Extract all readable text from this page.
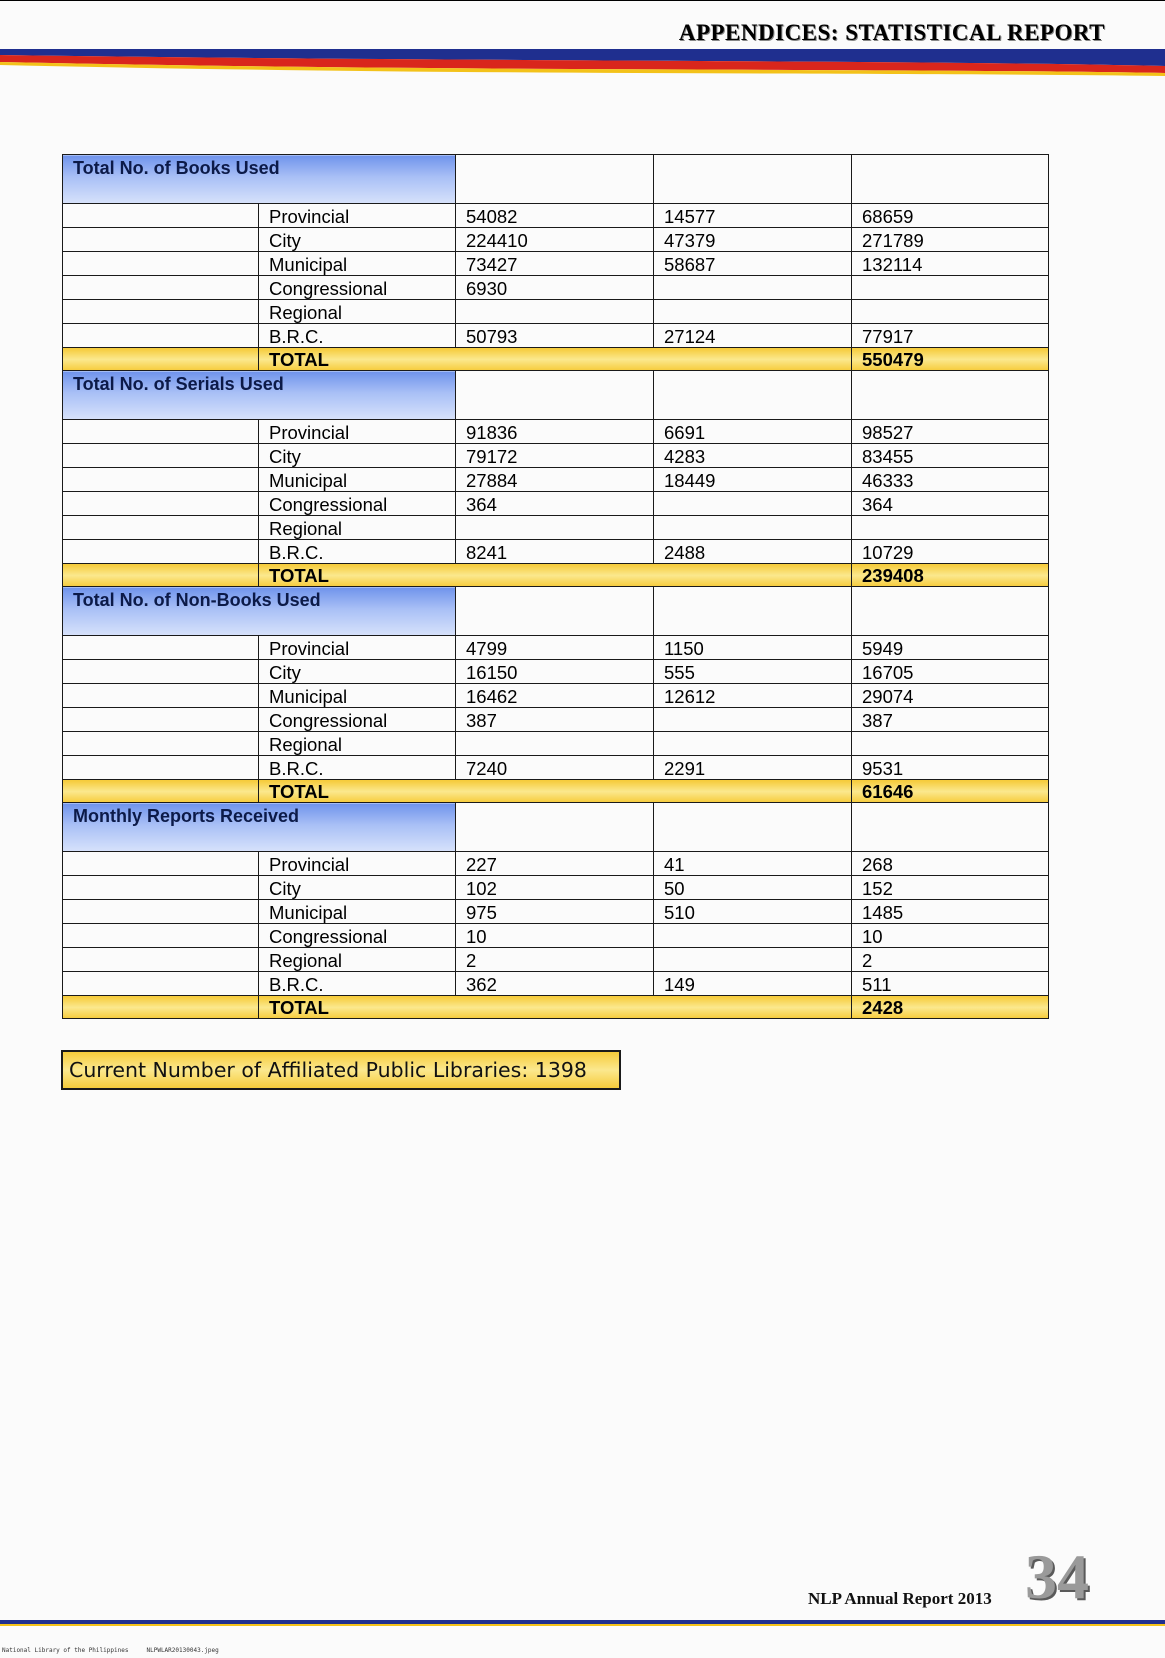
APPENDICES: STATISTICAL REPORT
Total No. of Books Used				
	Provincial	54082	14577	68659
	City	224410	47379	271789
	Municipal	73427	58687	132114
	Congressional	6930		
	Regional			
	B.R.C.	50793	27124	77917
	TOTAL			550479
Total No. of Serials Used				
	Provincial	91836	6691	98527
	City	79172	4283	83455
	Municipal	27884	18449	46333
	Congressional	364		364
	Regional			
	B.R.C.	8241	2488	10729
	TOTAL			239408
Total No. of Non-Books Used				
	Provincial	4799	1150	5949
	City	16150	555	16705
	Municipal	16462	12612	29074
	Congressional	387		387
	Regional			
	B.R.C.	7240	2291	9531
	TOTAL			61646
Monthly Reports Received				
	Provincial	227	41	268
	City	102	50	152
	Municipal	975	510	1485
	Congressional	10		10
	Regional	2		2
	B.R.C.	362	149	511
	TOTAL			2428
Current Number of Affiliated Public Libraries: 1398
NLP Annual Report 2013 34
National Library of the Philippines     NLPWLAR20130043.jpeg
